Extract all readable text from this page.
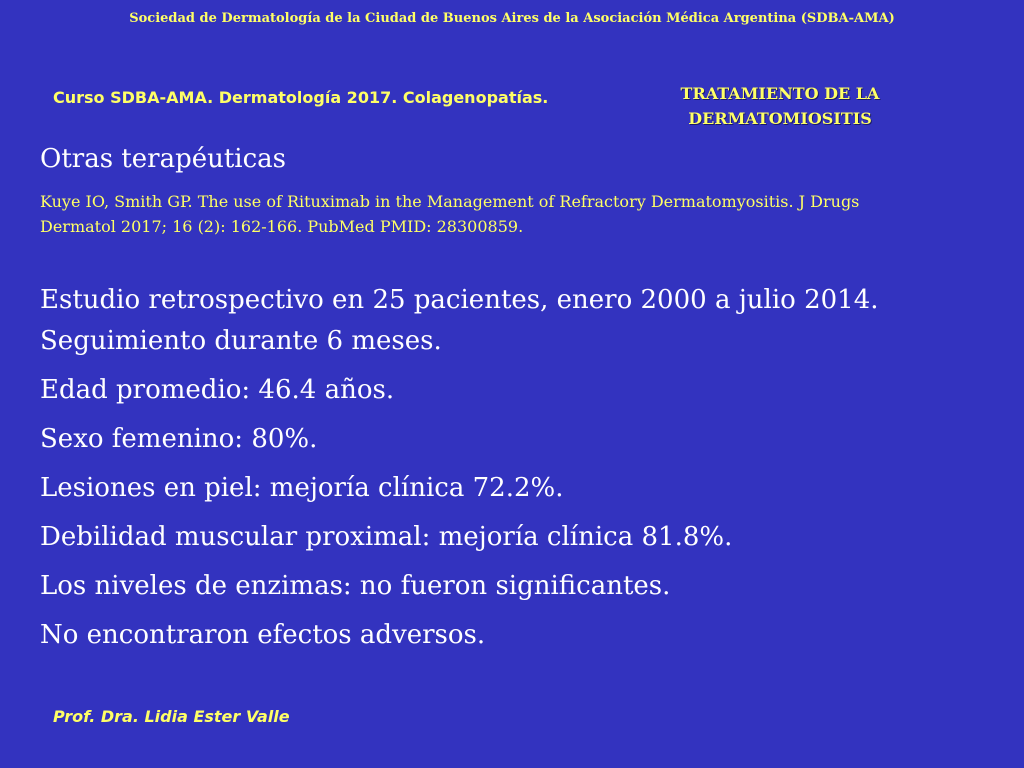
Sociedad de Dermatología de la Ciudad de Buenos Aires de la Asociación Médica Argentina (SDBA-AMA)
Curso SDBA-AMA. Dermatología 2017. Colagenopatías.	TRATAMIENTO DE LA
DERMATOMIOSITIS
Otras terapéuticas
Kuye IO, Smith GP. The use of Rituximab in the Management of Refractory Dermatomyositis. J Drugs Dermatol 2017; 16 (2): 162-166. PubMed PMID: 28300859.
Estudio retrospectivo en 25 pacientes, enero 2000 a julio 2014. Seguimiento durante 6 meses.
Edad promedio: 46.4 años.
Sexo femenino: 80%.
Lesiones en piel: mejoría clínica 72.2%.
Debilidad muscular proximal: mejoría clínica 81.8%.
Los niveles de enzimas: no fueron significantes.
No encontraron efectos adversos.
Prof. Dra. Lidia Ester Valle
